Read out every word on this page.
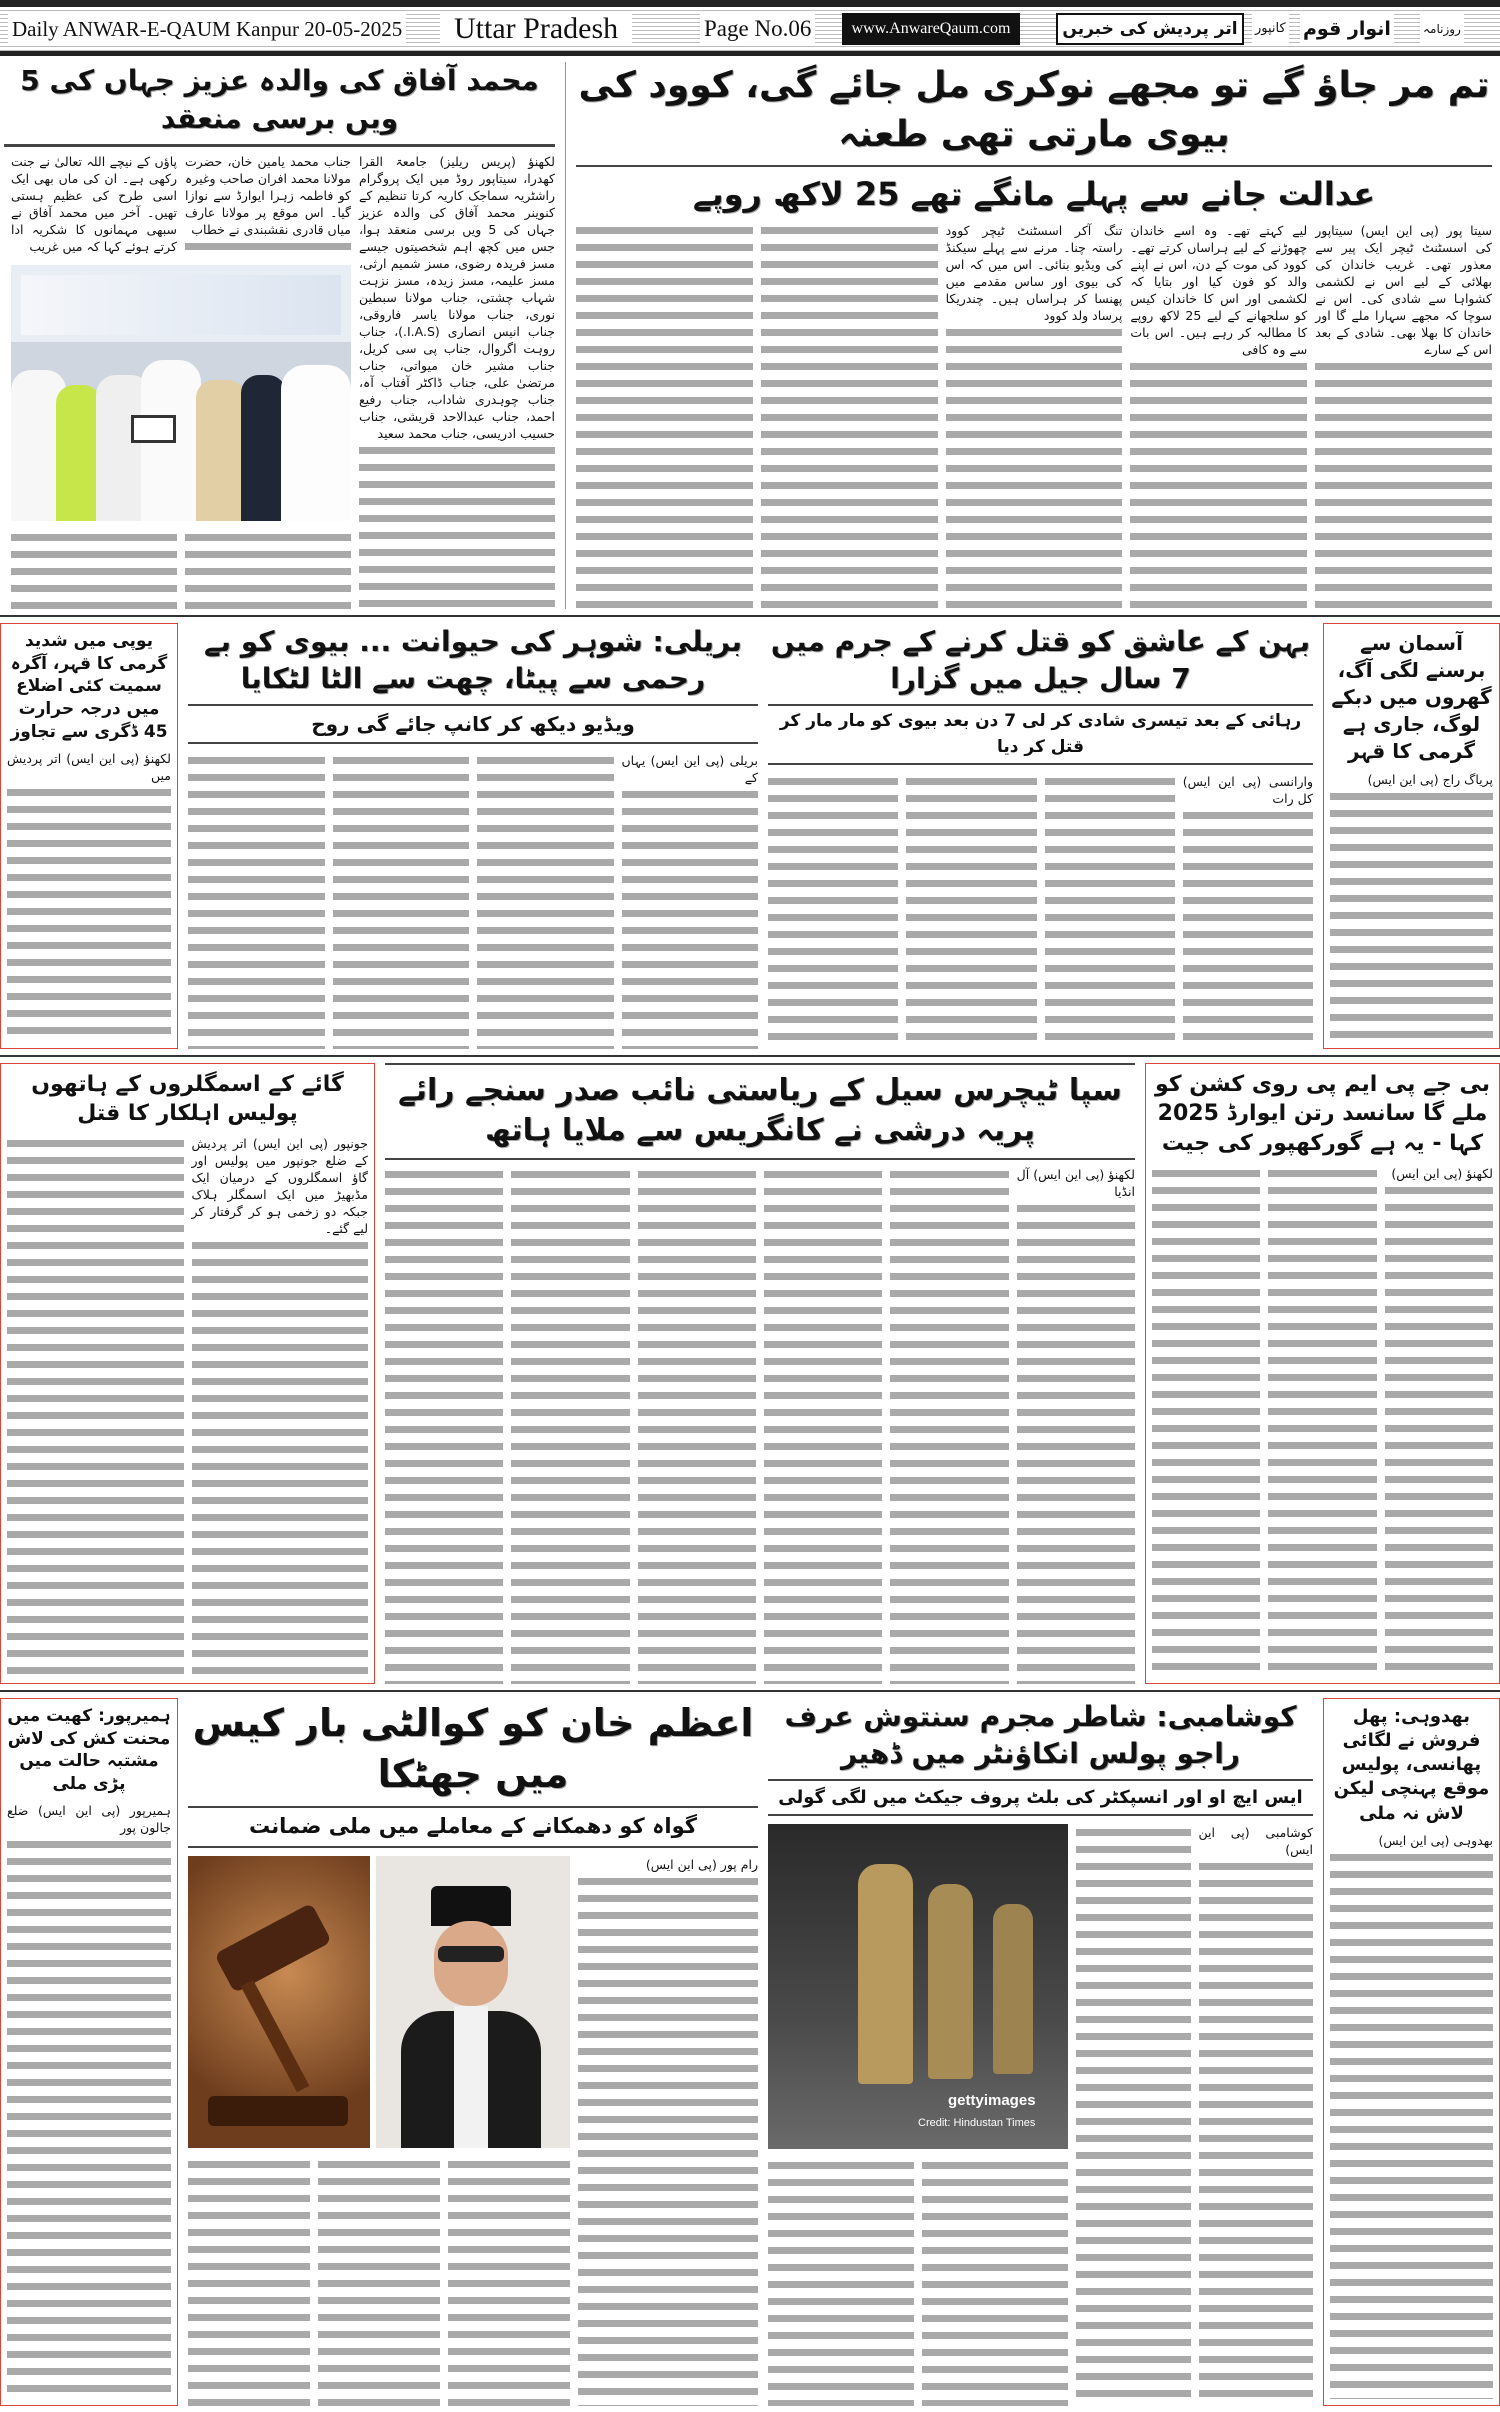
Daily ANWAR-E-QAUM Kanpur 20-05-2025	Uttar Pradesh	Page No.06	www.AnwareQaum.com	اتر پردیش کی خبریں	کانپور انوار قوم	روزنامہ
محمد آفاق کی والدہ عزیز جہاں کی 5 ویں برسی منعقد

لکھنؤ (پریس ریلیز) جامعۃ القرا کھدرا، سیتاپور روڈ میں ایک پروگرام راشٹریہ سماجک کاریہ کرتا تنظیم کے کنوینر محمد آفاق کی والدہ عزیز جہاں کی 5 ویں برسی منعقد ہوا، جس میں کچھ اہم شخصیتوں جیسے مسز فریدہ رضوی، مسز شمیم ارثی، مسز علیمہ، مسز زیدہ، مسز نزہت شہاب چشتی، جناب مولانا سبطین نوری، جناب مولانا یاسر فاروقی، جناب انیس انصاری (I.A.S.)، جناب روہت اگروال، جناب پی سی کریل، جناب مشیر خان میواتی، جناب مرتضیٰ علی، جناب ڈاکٹر آفتاب آہ، جناب چوہدری شاداب، جناب رفیع احمد، جناب عبدالاحد قریشی، جناب حسیب ادریسی، جناب محمد سعید

جناب محمد یامین خان، حضرت مولانا محمد افران صاحب وغیرہ کو فاطمہ زہرا ایوارڈ سے نوازا گیا۔ اس موقع پر مولانا عارف میاں قادری نقشبندی نے خطاب

پاؤں کے نیچے اللہ تعالیٰ نے جنت رکھی ہے۔ ان کی ماں بھی ایک اسی طرح کی عظیم ہستی تھیں۔ آخر میں محمد آفاق نے سبھی مہمانوں کا شکریہ ادا کرتے ہوئے کہا کہ میں غریب

تم مر جاؤ گے تو مجھے نوکری مل جائے گی، کوود کی بیوی مارتی تھی طعنہ
عدالت جانے سے پہلے مانگے تھے 25 لاکھ روپے

سیتا پور (پی این ایس) سیتاپور کی اسسٹنٹ ٹیچر ایک پیر سے معذور تھی۔ غریب خاندان کی بھلائی کے لیے اس نے لکشمی کشواہا سے شادی کی۔ اس نے سوچا کہ مجھے سہارا ملے گا اور خاندان کا بھلا بھی۔ شادی کے بعد اس کے سارے

لیے کہتے تھے۔ وہ اسے خاندان چھوڑنے کے لیے ہراساں کرتے تھے۔ کوود کی موت کے دن، اس نے اپنے والد کو فون کیا اور بتایا کہ لکشمی اور اس کا خاندان کیس کو سلجھانے کے لیے 25 لاکھ روپے کا مطالبہ کر رہے ہیں۔ اس بات سے وہ کافی

تنگ آکر اسسٹنٹ ٹیچر کوود راستہ چنا۔ مرنے سے پہلے سیکنڈ کی ویڈیو بنائی۔ اس میں کہ اس کی بیوی اور ساس مقدمے میں پھنسا کر ہراساں ہیں۔ چندریکا پرساد ولد کوود

یوپی میں شدید گرمی کا قہر، آگرہ سمیت کئی اضلاع میں درجہ حرارت 45 ڈگری سے تجاوز

لکھنؤ (پی این ایس) اتر پردیش میں

بریلی: شوہر کی حیوانت ... بیوی کو بے رحمی سے پیٹا، چھت سے الٹا لٹکایا
ویڈیو دیکھ کر کانپ جائے گی روح

بریلی (پی این ایس) یہاں کے

بہن کے عاشق کو قتل کرنے کے جرم میں 7 سال جیل میں گزارا
رہائی کے بعد تیسری شادی کر لی 7 دن بعد بیوی کو مار مار کر قتل کر دیا

وارانسی (پی این ایس) کل رات

آسمان سے برسنے لگی آگ، گھروں میں دبکے لوگ، جاری ہے گرمی کا قہر

پریاگ راج (پی این ایس)

گائے کے اسمگلروں کے ہاتھوں پولیس اہلکار کا قتل

جونپور (پی این ایس) اتر پردیش کے ضلع جونپور میں پولیس اور گاؤ اسمگلروں کے درمیان ایک مڈبھیڑ میں ایک اسمگلر ہلاک جبکہ دو زخمی ہو کر گرفتار کر لیے گئے۔

سپا ٹیچرس سیل کے ریاستی نائب صدر سنجے رائے پریہ درشی نے کانگریس سے ملایا ہاتھ

لکھنؤ (پی این ایس) آل انڈیا

بی جے پی ایم پی روی کشن کو ملے گا سانسد رتن ایوارڈ 2025 کہا - یہ ہے گورکھپور کی جیت

لکھنؤ (پی این ایس)

ہمیرپور: کھیت میں محنت کش کی لاش مشتبہ حالت میں پڑی ملی

ہمیرپور (پی این ایس) ضلع جالون پور

اعظم خان کو کوالٹی بار کیس میں جھٹکا
گواہ کو دھمکانے کے معاملے میں ملی ضمانت

رام پور (پی این ایس)

کوشامبی: شاطر مجرم سنتوش عرف راجو پولس انکاؤنٹر میں ڈھیر
ایس ایچ او اور انسپکٹر کی بلٹ پروف جیکٹ میں لگی گولی

کوشامبی (پی این ایس)

gettyimages
Credit: Hindustan Times
بھدوہی: پھل فروش نے لگائی پھانسی، پولیس موقع پہنچی لیکن لاش نہ ملی

بھدوہی (پی این ایس)
